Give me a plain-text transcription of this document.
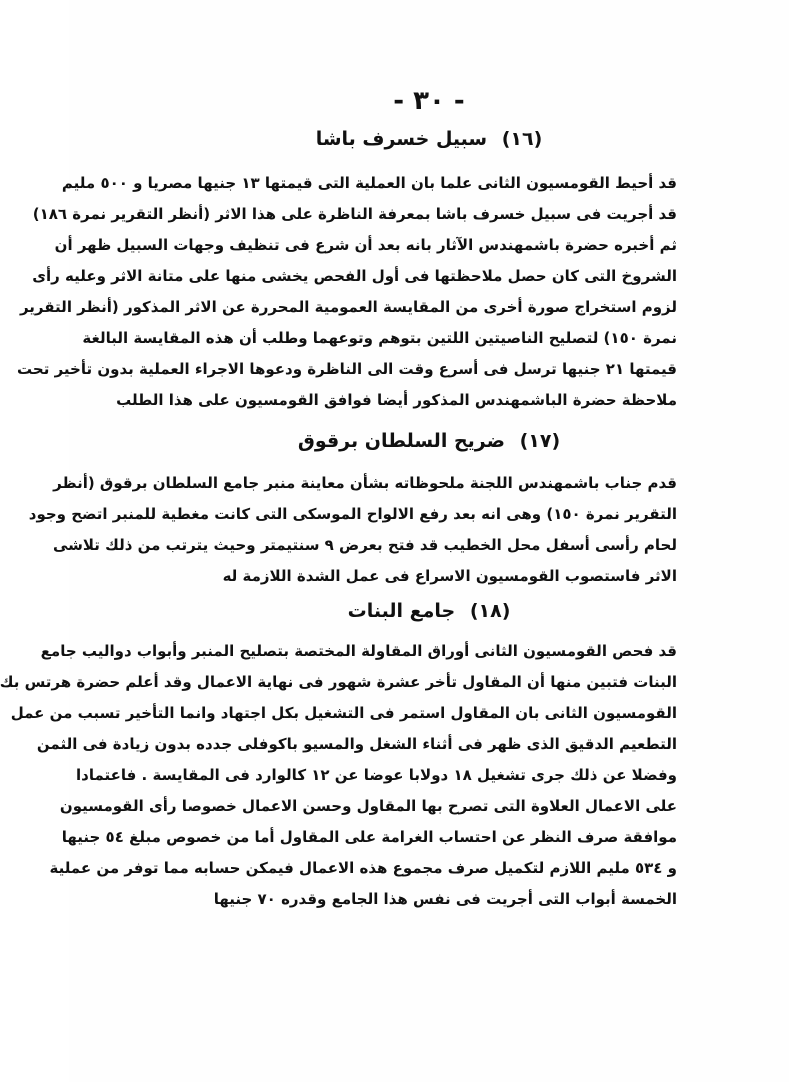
- ٣٠ -
(١٦) سبيل خسرف باشا
قد أحيط القومسيون الثانى علما بان العملية التى قيمتها ١٣ جنيها مصريا و ٥٠٠ مليم
قد أجريت فى سبيل خسرف باشا بمعرفة الناظرة على هذا الاثر (أنظر التقرير نمرة ١٨٦)
ثم أخبره حضرة باشمهندس الآثار بانه بعد أن شرع فى تنظيف وجهات السبيل ظهر أن
الشروخ التى كان حصل ملاحظتها فى أول الفحص يخشى منها على متانة الاثر وعليه رأى
لزوم استخراج صورة أخرى من المقايسة العمومية المحررة عن الاثر المذكور (أنظر التقرير
نمرة ١٥٠) لتصليح الناصيتين اللتين بتوهم وتوعهما وطلب أن هذه المقايسة البالغة
قيمتها ٢١ جنيها ترسل فى أسرع وقت الى الناظرة ودعوها الاجراء العملية بدون تأخير تحت
ملاحظة حضرة الباشمهندس المذكور أيضا فوافق القومسيون على هذا الطلب
(١٧) ضريح السلطان برقوق
قدم جناب باشمهندس اللجنة ملحوظاته بشأن معاينة منبر جامع السلطان برقوق (أنظر
التقرير نمرة ١٥٠) وهى انه بعد رفع الالواح الموسكى التى كانت مغطية للمنبر اتضح وجود
لحام رأسى أسفل محل الخطيب قد فتح بعرض ٩ سنتيمتر وحيث يترتب من ذلك تلاشى
الاثر فاستصوب القومسيون الاسراع فى عمل الشدة اللازمة له
(١٨) جامع البنات
قد فحص القومسيون الثانى أوراق المقاولة المختصة بتصليح المنبر وأبواب دواليب جامع
البنات فتبين منها أن المقاول تأخر عشرة شهور فى نهاية الاعمال وقد أعلم حضرة هرتس بك
القومسيون الثانى بان المقاول استمر فى التشغيل بكل اجتهاد وانما التأخير تسبب من عمل
التطعيم الدقيق الذى ظهر فى أثناء الشغل والمسيو باكوفلى جدده بدون زيادة فى الثمن
وفضلا عن ذلك جرى تشغيل ١٨ دولابا عوضا عن ١٢ كالوارد فى المقايسة . فاعتمادا
على الاعمال العلاوة التى تصرح بها المقاول وحسن الاعمال خصوصا رأى القومسيون
موافقة صرف النظر عن احتساب الغرامة على المقاول أما من خصوص مبلغ ٥٤ جنيها
و ٥٣٤ مليم اللازم لتكميل صرف مجموع هذه الاعمال فيمكن حسابه مما توفر من عملية
الخمسة أبواب التى أجريت فى نفس هذا الجامع وقدره ٧٠ جنيها
